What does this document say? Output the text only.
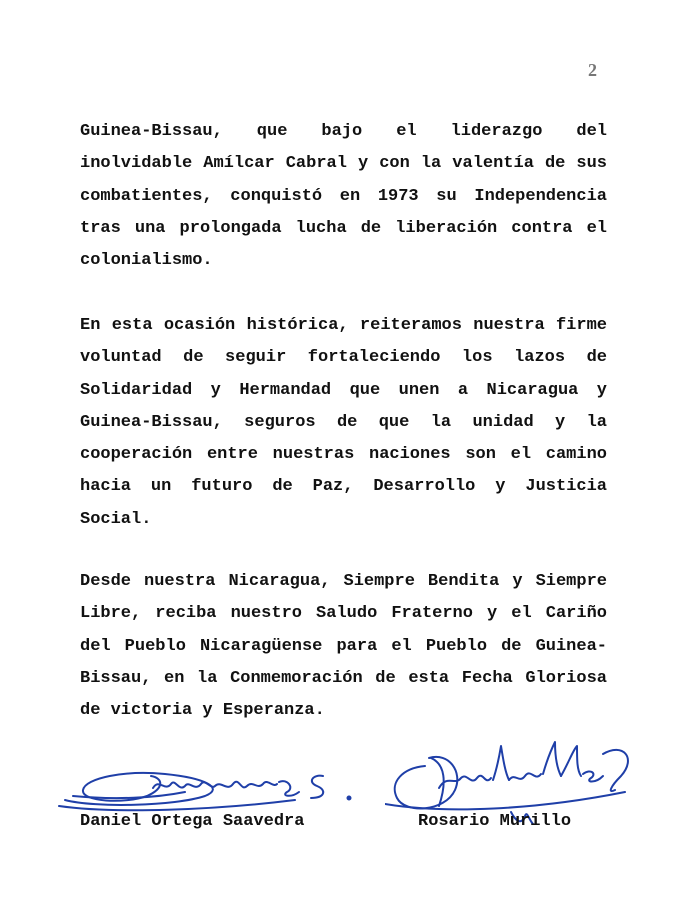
2

Guinea-Bissau, que bajo el liderazgo del inolvidable Amílcar Cabral y con la valentía de sus combatientes, conquistó en 1973 su Independencia tras una prolongada lucha de liberación contra el colonialismo.

En esta ocasión histórica, reiteramos nuestra firme voluntad de seguir fortaleciendo los lazos de Solidaridad y Hermandad que unen a Nicaragua y Guinea-Bissau, seguros de que la unidad y la cooperación entre nuestras naciones son el camino hacia un futuro de Paz, Desarrollo y Justicia Social.

Desde nuestra Nicaragua, Siempre Bendita y Siempre Libre, reciba nuestro Saludo Fraterno y el Cariño del Pueblo Nicaragüense para el Pueblo de Guinea-Bissau, en la Conmemoración de esta Fecha Gloriosa de victoria y Esperanza.

Daniel Ortega Saavedra	Rosario Murillo
